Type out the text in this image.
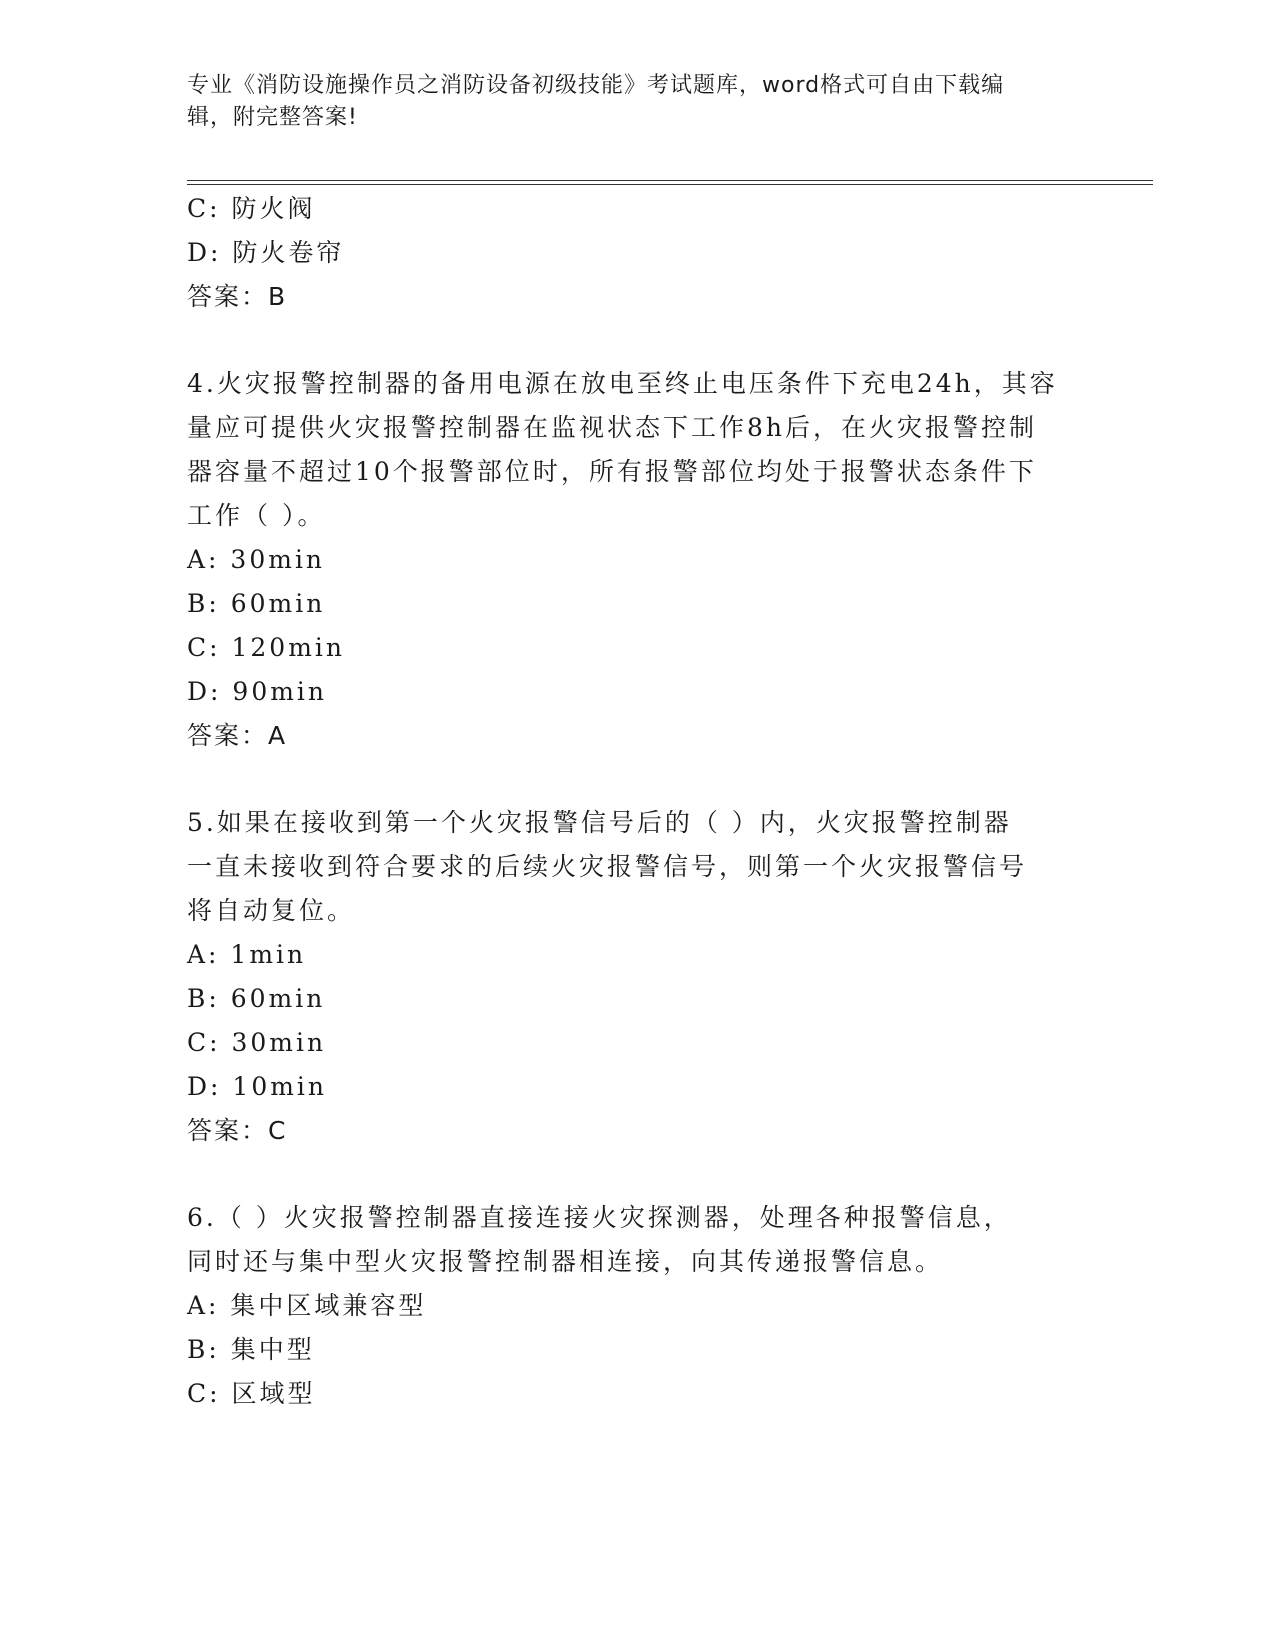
专业《消防设施操作员之消防设备初级技能》考试题库，word格式可自由下载编
辑，附完整答案!
C: 防火阀
D: 防火卷帘
答案：B
4.火灾报警控制器的备用电源在放电至终止电压条件下充电24h，其容
量应可提供火灾报警控制器在监视状态下工作8h后，在火灾报警控制
器容量不超过10个报警部位时，所有报警部位均处于报警状态条件下
工作（ ）。
A: 30min
B: 60min
C: 120min
D: 90min
答案：A
5.如果在接收到第一个火灾报警信号后的（ ）内，火灾报警控制器
一直未接收到符合要求的后续火灾报警信号，则第一个火灾报警信号
将自动复位。
A: 1min
B: 60min
C: 30min
D: 10min
答案：C
6.（ ）火灾报警控制器直接连接火灾探测器，处理各种报警信息，
同时还与集中型火灾报警控制器相连接，向其传递报警信息。
A: 集中区域兼容型
B: 集中型
C: 区域型
